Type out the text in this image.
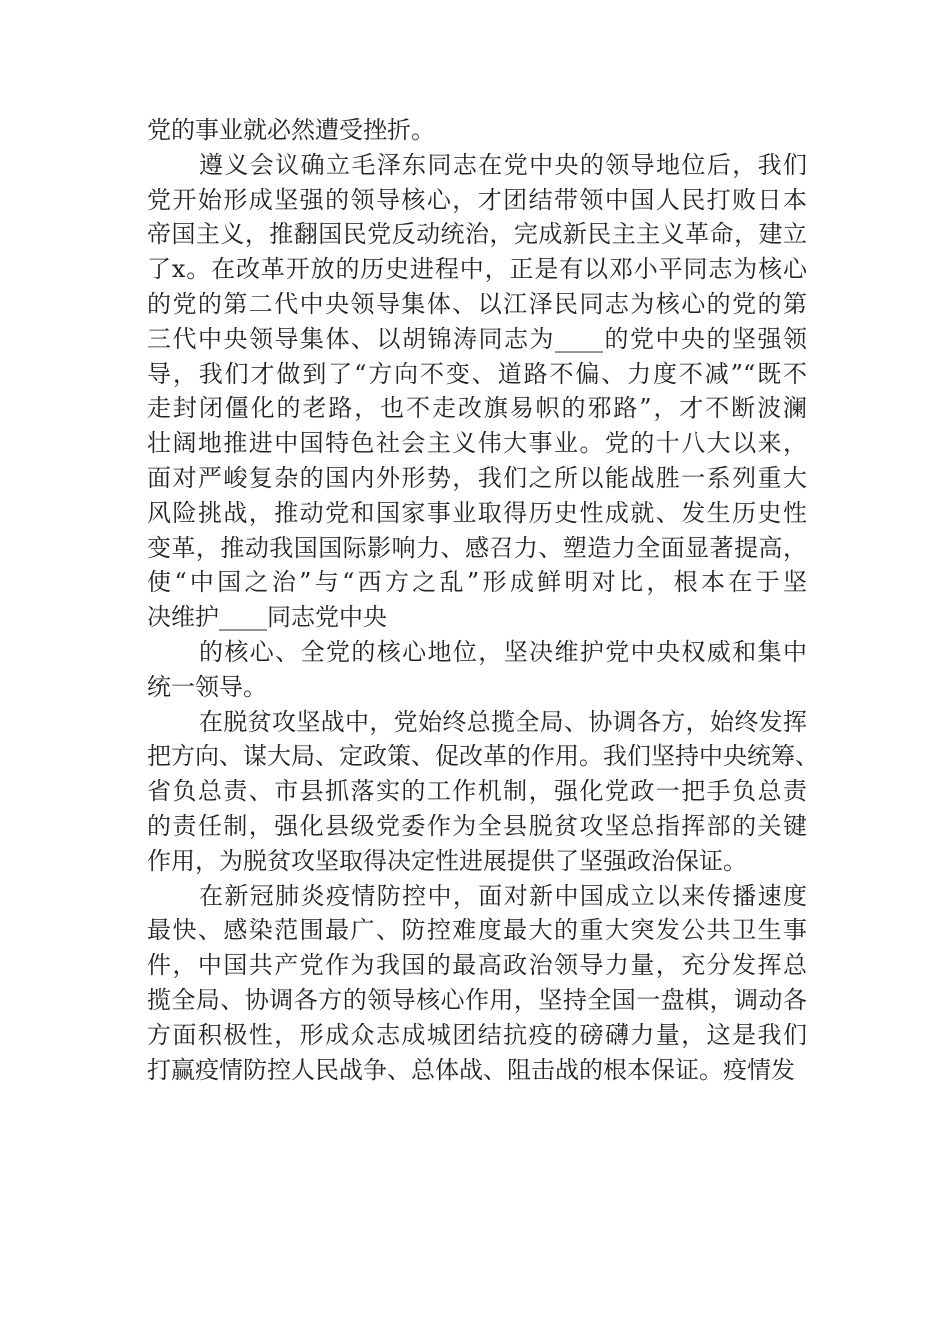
党的事业就必然遭受挫折。
遵义会议确立毛泽东同志在党中央的领导地位后，我们
党开始形成坚强的领导核心，才团结带领中国人民打败日本
帝国主义，推翻国民党反动统治，完成新民主主义革命，建立
了x。在改革开放的历史进程中，正是有以邓小平同志为核心
的党的第二代中央领导集体、以江泽民同志为核心的党的第
三代中央领导集体、以胡锦涛同志为____的党中央的坚强领
导，我们才做到了“方向不变、道路不偏、力度不减”“既不
走封闭僵化的老路，也不走改旗易帜的邪路”，才不断波澜
壮阔地推进中国特色社会主义伟大事业。党的十八大以来，
面对严峻复杂的国内外形势，我们之所以能战胜一系列重大
风险挑战，推动党和国家事业取得历史性成就、发生历史性
变革，推动我国国际影响力、感召力、塑造力全面显著提高，
使“中国之治”与“西方之乱”形成鲜明对比，根本在于坚
决维护____同志党中央
的核心、全党的核心地位，坚决维护党中央权威和集中
统一领导。
在脱贫攻坚战中，党始终总揽全局、协调各方，始终发挥
把方向、谋大局、定政策、促改革的作用。我们坚持中央统筹、
省负总责、市县抓落实的工作机制，强化党政一把手负总责
的责任制，强化县级党委作为全县脱贫攻坚总指挥部的关键
作用，为脱贫攻坚取得决定性进展提供了坚强政治保证。
在新冠肺炎疫情防控中，面对新中国成立以来传播速度
最快、感染范围最广、防控难度最大的重大突发公共卫生事
件，中国共产党作为我国的最高政治领导力量，充分发挥总
揽全局、协调各方的领导核心作用，坚持全国一盘棋，调动各
方面积极性，形成众志成城团结抗疫的磅礴力量，这是我们
打赢疫情防控人民战争、总体战、阻击战的根本保证。疫情发
